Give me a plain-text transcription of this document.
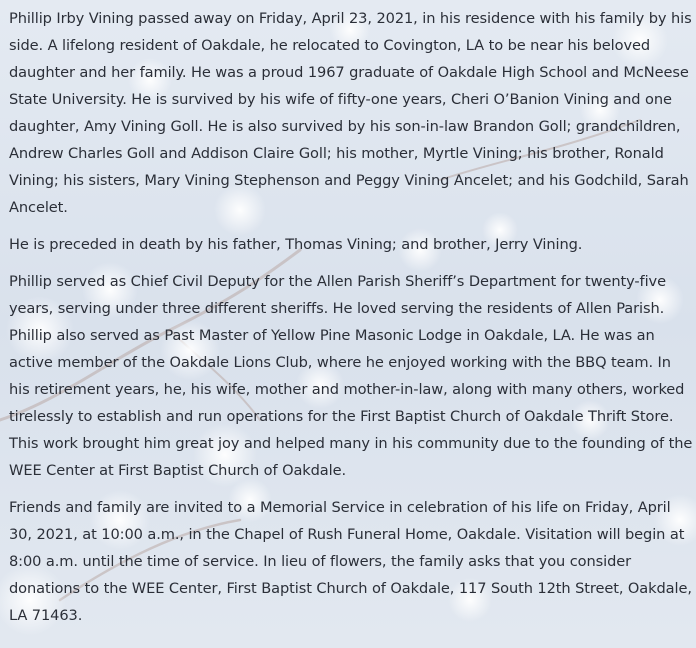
Phillip Irby Vining passed away on Friday, April 23, 2021, in his residence with his family by his side. A lifelong resident of Oakdale, he relocated to Covington, LA to be near his beloved daughter and her family. He was a proud 1967 graduate of Oakdale High School and McNeese State University. He is survived by his wife of fifty-one years, Cheri O’Banion Vining and one daughter, Amy Vining Goll. He is also survived by his son-in-law Brandon Goll; grandchildren, Andrew Charles Goll and Addison Claire Goll; his mother, Myrtle Vining; his brother, Ronald Vining; his sisters, Mary Vining Stephenson and Peggy Vining Ancelet; and his Godchild, Sarah Ancelet.

He is preceded in death by his father, Thomas Vining; and brother, Jerry Vining.

Phillip served as Chief Civil Deputy for the Allen Parish Sheriff’s Department for twenty-five years, serving under three different sheriffs. He loved serving the residents of Allen Parish. Phillip also served as Past Master of Yellow Pine Masonic Lodge in Oakdale, LA. He was an active member of the Oakdale Lions Club, where he enjoyed working with the BBQ team. In his retirement years, he, his wife, mother and mother-in-law, along with many others, worked tirelessly to establish and run operations for the First Baptist Church of Oakdale Thrift Store. This work brought him great joy and helped many in his community due to the founding of the WEE Center at First Baptist Church of Oakdale.

Friends and family are invited to a Memorial Service in celebration of his life on Friday, April 30, 2021, at 10:00 a.m., in the Chapel of Rush Funeral Home, Oakdale. Visitation will begin at 8:00 a.m. until the time of service. In lieu of flowers, the family asks that you consider donations to the WEE Center, First Baptist Church of Oakdale, 117 South 12th Street, Oakdale, LA 71463.
